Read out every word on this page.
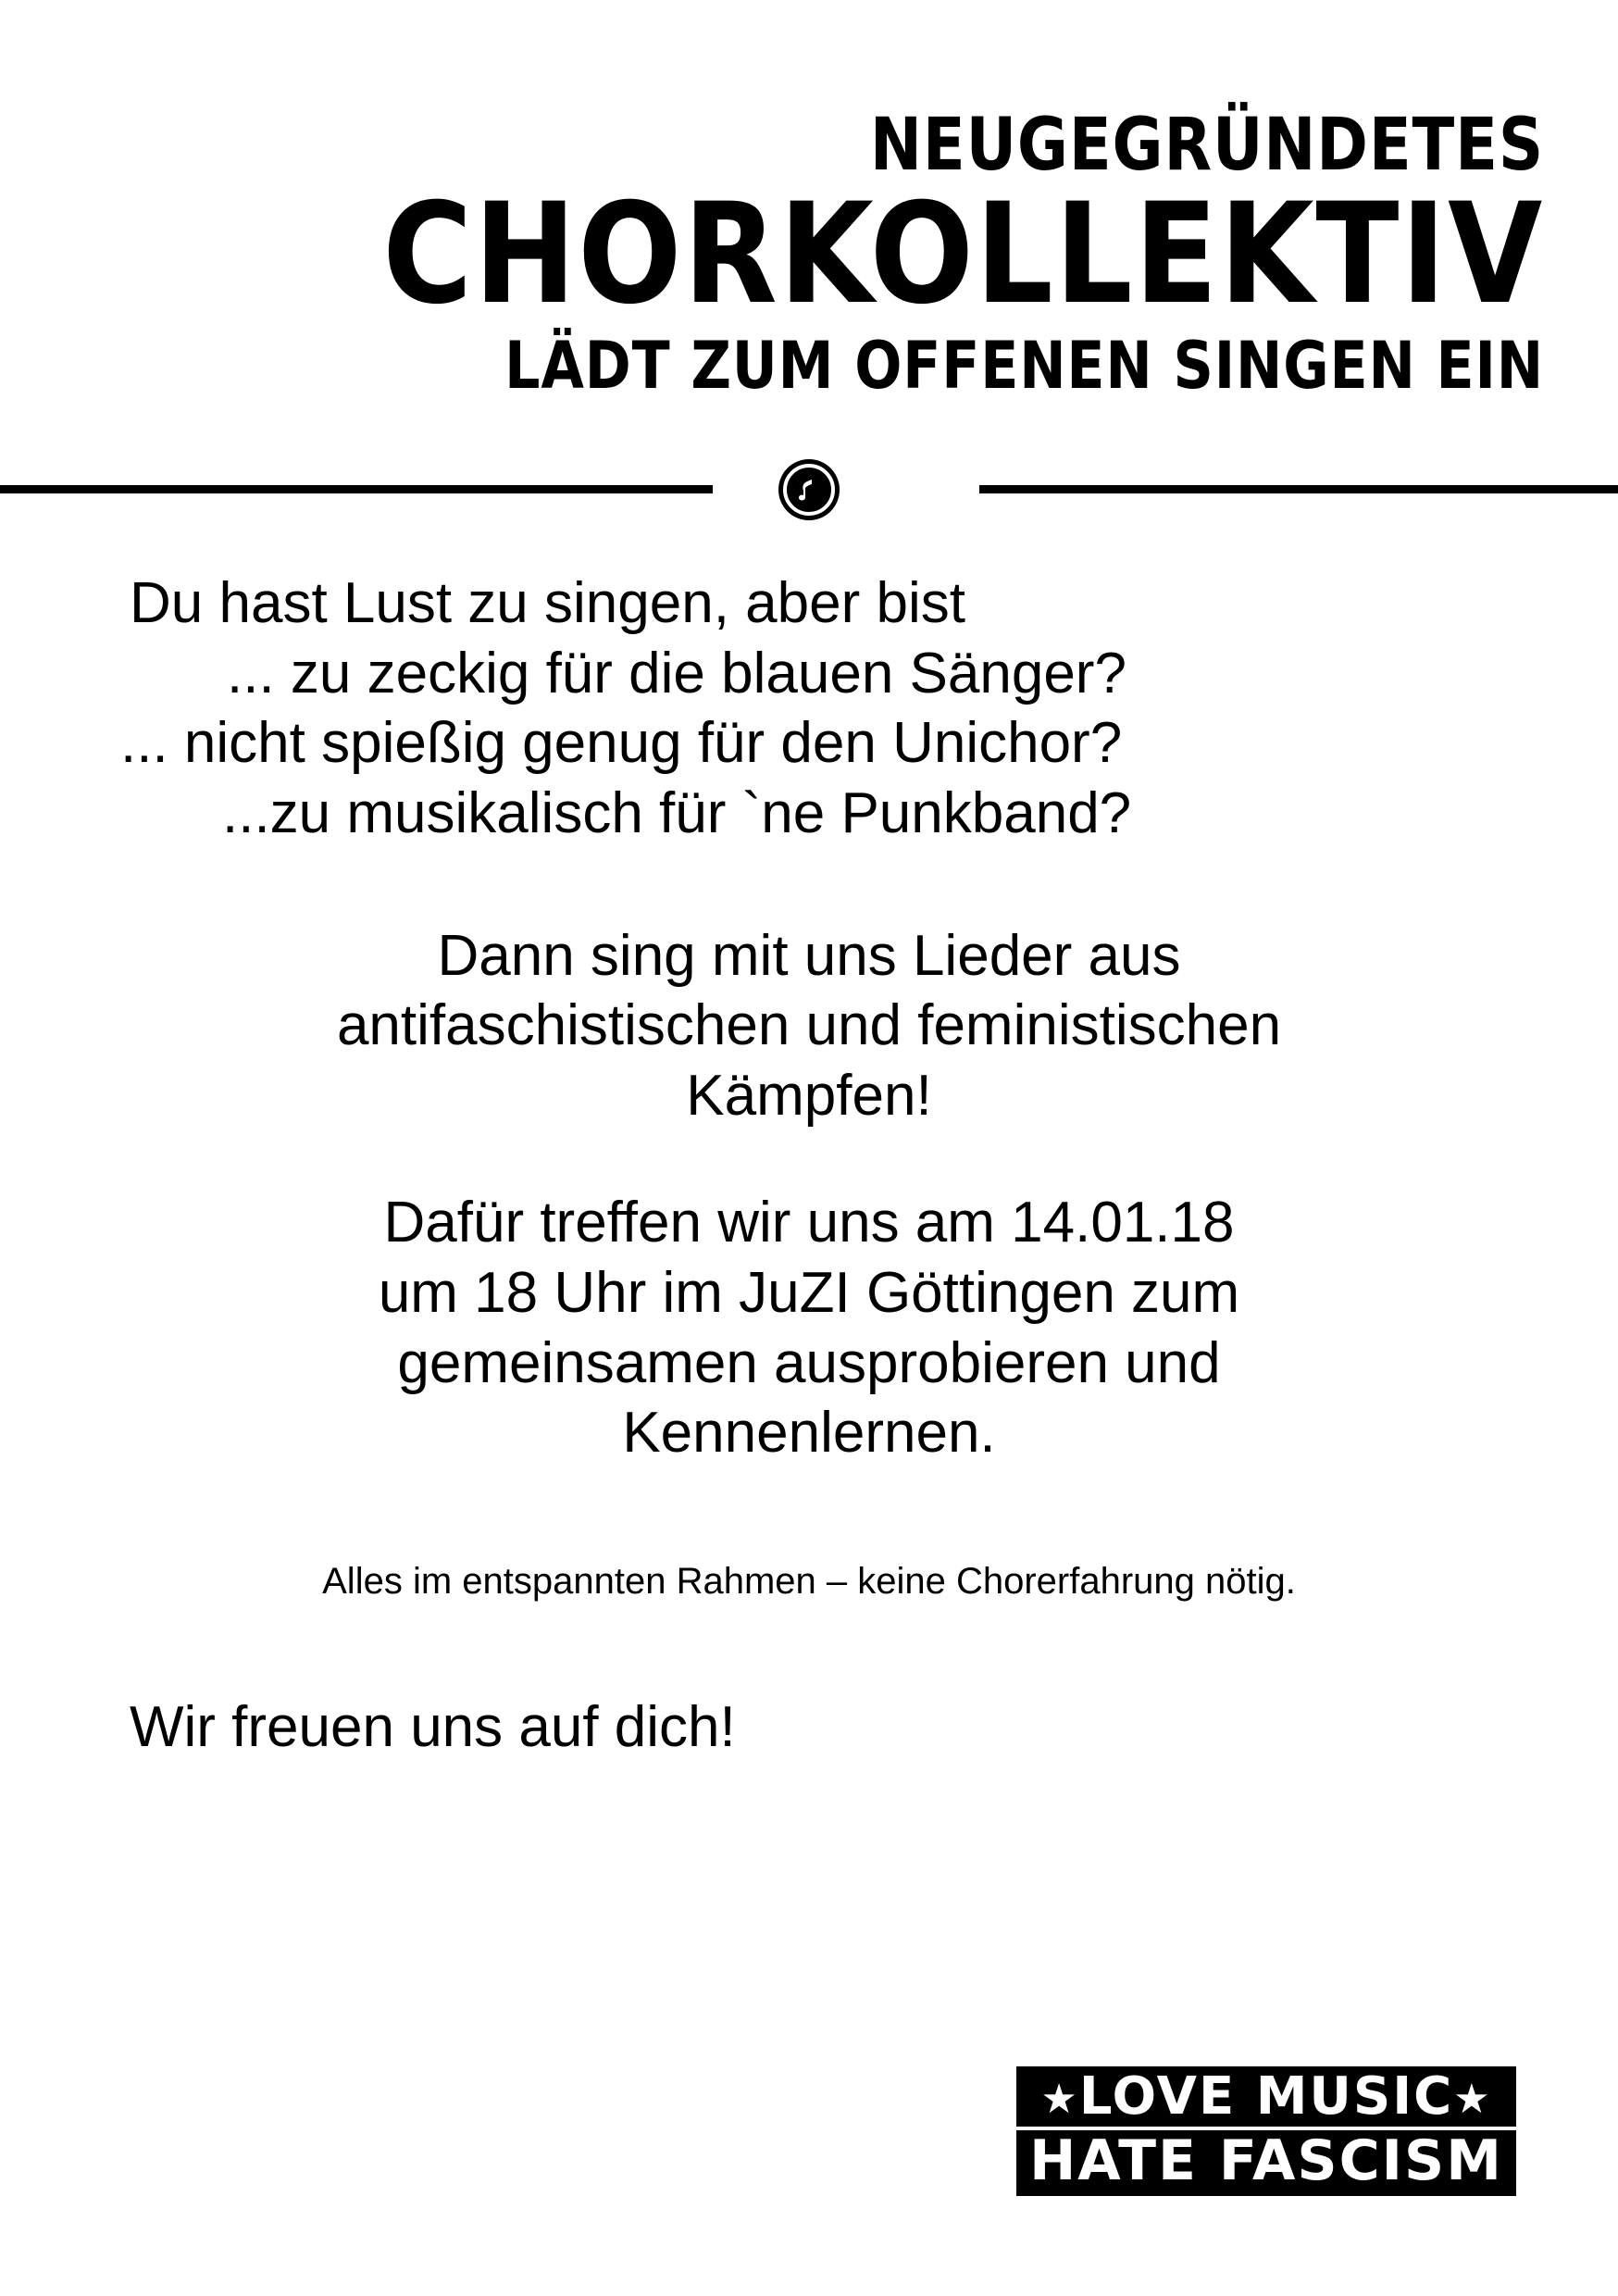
NEUGEGRÜNDETES
CHORKOLLEKTIV
LÄDT ZUM OFFENEN SINGEN EIN
Du hast Lust zu singen, aber bist
... zu zeckig für die blauen Sänger?
... nicht spießig genug für den Unichor?
...zu musikalisch für `ne Punkband?
Dann sing mit uns Lieder aus
antifaschistischen und feministischen
Kämpfen!
Dafür treffen wir uns am 14.01.18
um 18 Uhr im JuZI Göttingen zum
gemeinsamen ausprobieren und
Kennenlernen.
Alles im entspannten Rahmen – keine Chorerfahrung nötig.
Wir freuen uns auf dich!
★LOVE MUSIC★
HATE FASCISM
